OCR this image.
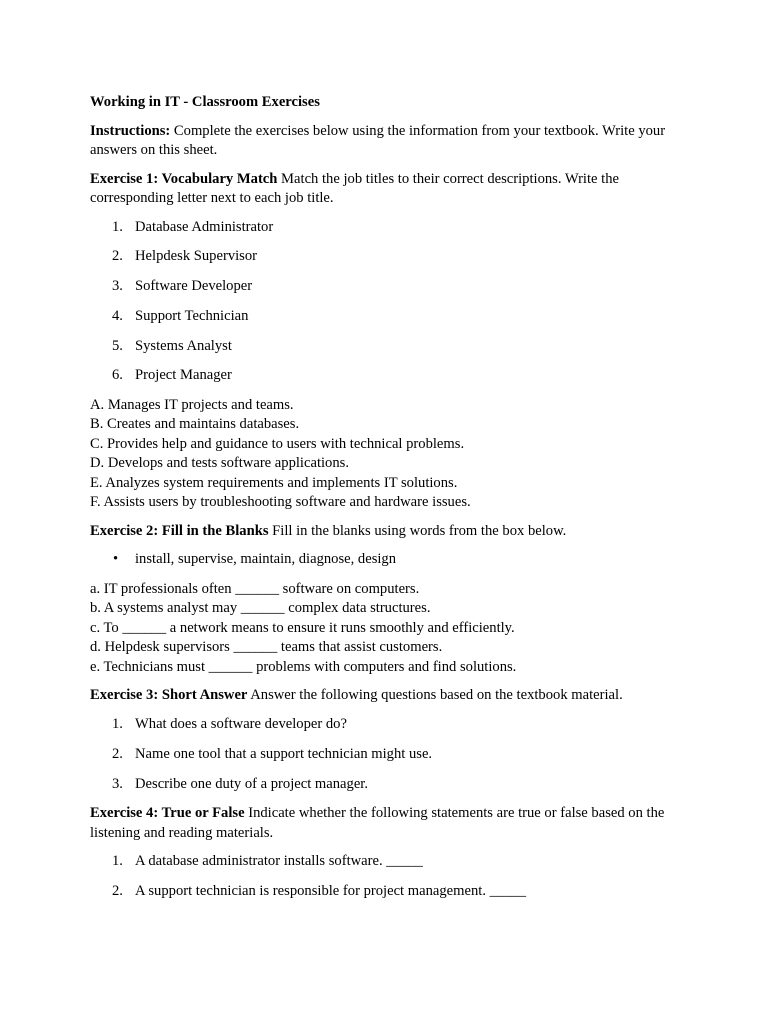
Working in IT - Classroom Exercises

Instructions: Complete the exercises below using the information from your textbook. Write your answers on this sheet.

Exercise 1: Vocabulary Match Match the job titles to their correct descriptions. Write the corresponding letter next to each job title.

1. Database Administrator
2. Helpdesk Supervisor
3. Software Developer
4. Support Technician
5. Systems Analyst
6. Project Manager
A. Manages IT projects and teams.
B. Creates and maintains databases.
C. Provides help and guidance to users with technical problems.
D. Develops and tests software applications.
E. Analyzes system requirements and implements IT solutions.
F. Assists users by troubleshooting software and hardware issues.

Exercise 2: Fill in the Blanks Fill in the blanks using words from the box below.

• install, supervise, maintain, diagnose, design
a. IT professionals often ______ software on computers.
b. A systems analyst may ______ complex data structures.
c. To ______ a network means to ensure it runs smoothly and efficiently.
d. Helpdesk supervisors ______ teams that assist customers.
e. Technicians must ______ problems with computers and find solutions.

Exercise 3: Short Answer Answer the following questions based on the textbook material.

1. What does a software developer do?
2. Name one tool that a support technician might use.
3. Describe one duty of a project manager.

Exercise 4: True or False Indicate whether the following statements are true or false based on the listening and reading materials.

1. A database administrator installs software. _____
2. A support technician is responsible for project management. _____
